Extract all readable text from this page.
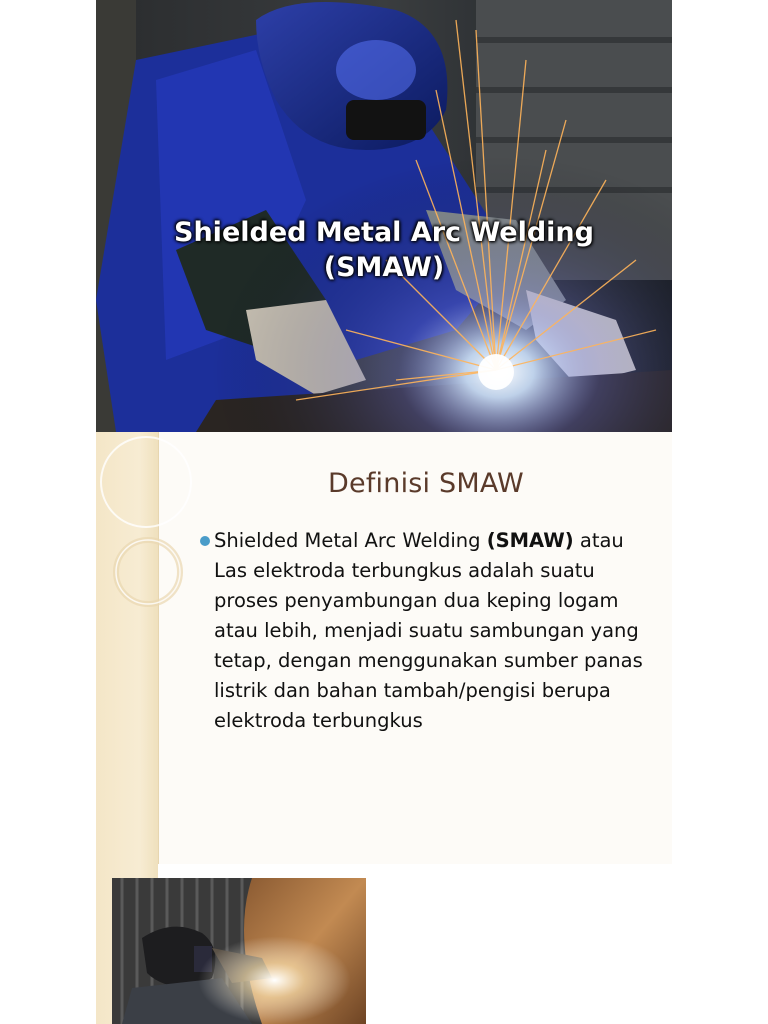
Shielded Metal Arc Welding
(SMAW)
Definisi SMAW
Shielded Metal Arc Welding (SMAW) atau Las elektroda terbungkus adalah suatu proses penyambungan dua keping logam atau lebih, menjadi suatu sambungan yang tetap, dengan menggunakan sumber panas listrik dan bahan tambah/pengisi berupa elektroda terbungkus
